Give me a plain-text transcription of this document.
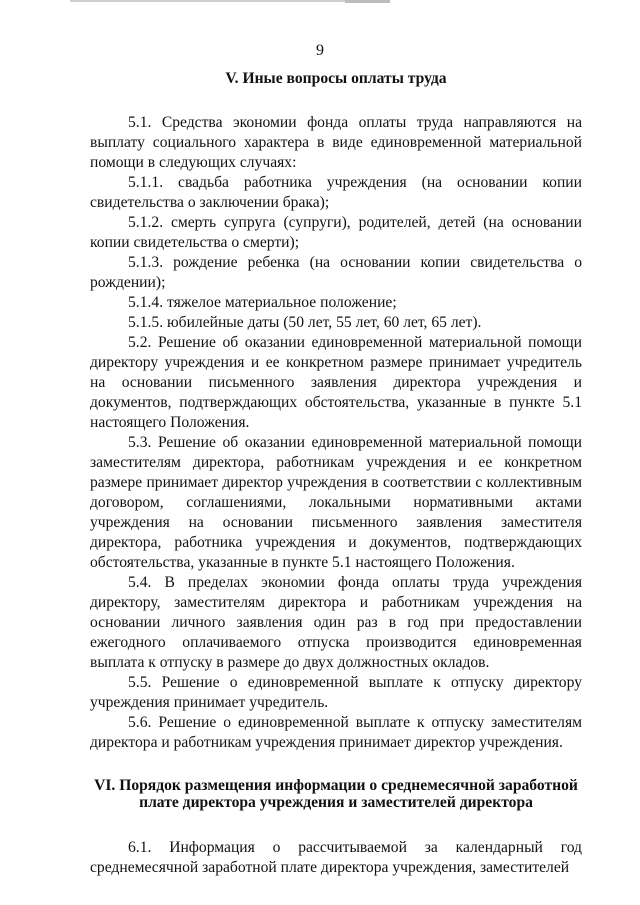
9
V. Иные вопросы оплаты труда

5.1. Средства экономии фонда оплаты труда направляются на выплату социального характера в виде единовременной материальной помощи в следующих случаях:

5.1.1. свадьба работника учреждения (на основании копии свидетельства о заключении брака);

5.1.2. смерть супруга (супруги), родителей, детей (на основании копии свидетельства о смерти);

5.1.3. рождение ребенка (на основании копии свидетельства о рождении);

5.1.4. тяжелое материальное положение;

5.1.5. юбилейные даты (50 лет, 55 лет, 60 лет, 65 лет).

5.2. Решение об оказании единовременной материальной помощи директору учреждения и ее конкретном размере принимает учредитель на основании письменного заявления директора учреждения и документов, подтверждающих обстоятельства, указанные в пункте 5.1 настоящего Положения.

5.3. Решение об оказании единовременной материальной помощи заместителям директора, работникам учреждения и ее конкретном размере принимает директор учреждения в соответствии с коллективным договором, соглашениями, локальными нормативными актами учреждения на основании письменного заявления заместителя директора, работника учреждения и документов, подтверждающих обстоятельства, указанные в пункте 5.1 настоящего Положения.

5.4. В пределах экономии фонда оплаты труда учреждения директору, заместителям директора и работникам учреждения на основании личного заявления один раз в год при предоставлении ежегодного оплачиваемого отпуска производится единовременная выплата к отпуску в размере до двух должностных окладов.

5.5. Решение о единовременной выплате к отпуску директору учреждения принимает учредитель.

5.6. Решение о единовременной выплате к отпуску заместителям директора и работникам учреждения принимает директор учреждения.

VI. Порядок размещения информации о среднемесячной заработной
плате директора учреждения и заместителей директора

6.1. Информация о рассчитываемой за календарный год среднемесячной заработной плате директора учреждения, заместителей
